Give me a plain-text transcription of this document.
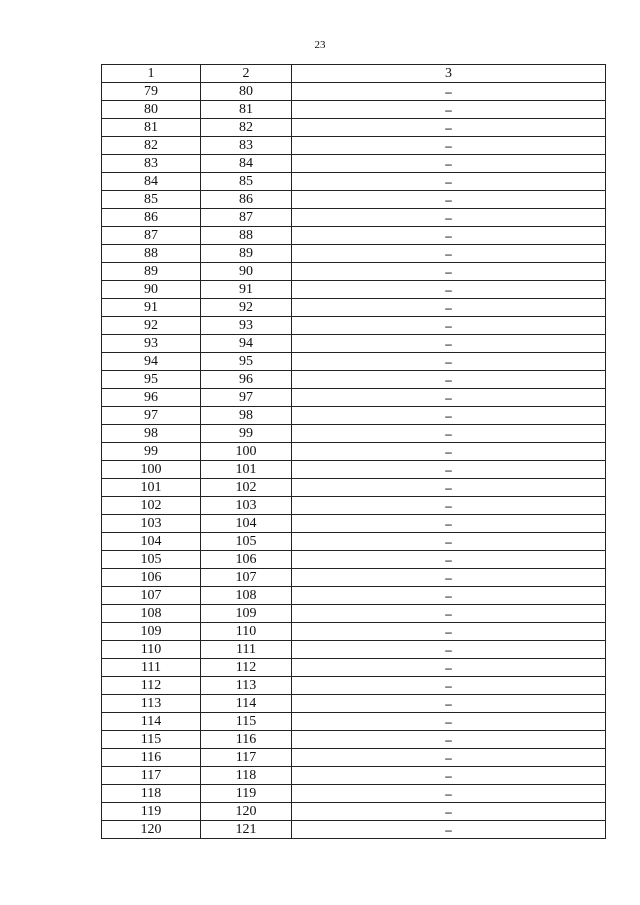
23
1	2	3
79	80	–
80	81	–
81	82	–
82	83	–
83	84	–
84	85	–
85	86	–
86	87	–
87	88	–
88	89	–
89	90	–
90	91	–
91	92	–
92	93	–
93	94	–
94	95	–
95	96	–
96	97	–
97	98	–
98	99	–
99	100	–
100	101	–
101	102	–
102	103	–
103	104	–
104	105	–
105	106	–
106	107	–
107	108	–
108	109	–
109	110	–
110	111	–
111	112	–
112	113	–
113	114	–
114	115	–
115	116	–
116	117	–
117	118	–
118	119	–
119	120	–
120	121	–
